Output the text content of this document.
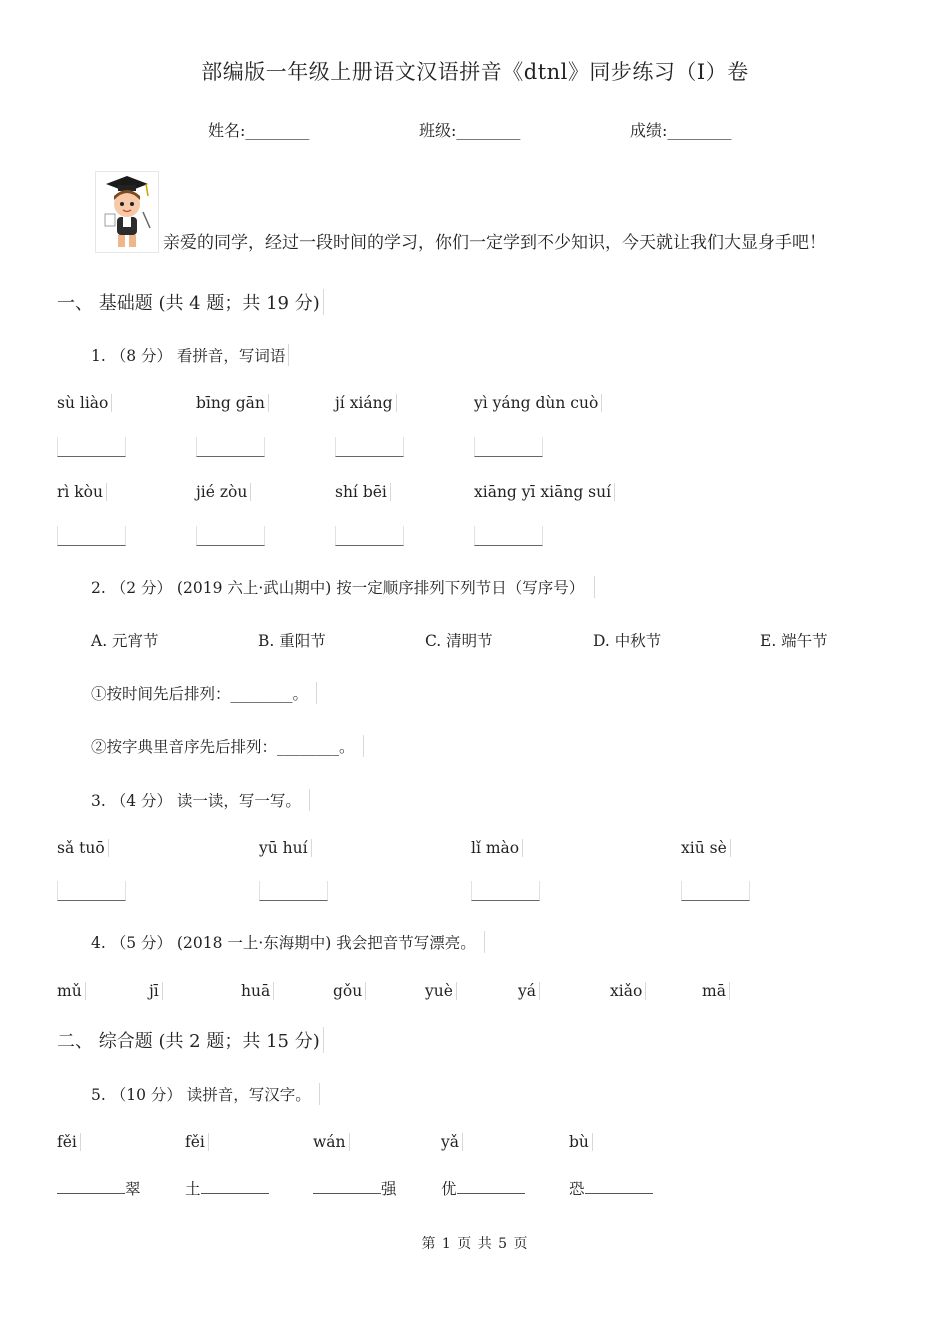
部编版一年级上册语文汉语拼音《dtnl》同步练习（I）卷
姓名:________	班级:________	成绩:________
亲爱的同学，经过一段时间的学习，你们一定学到不少知识，今天就让我们大显身手吧！
一、 基础题 (共 4 题；共 19 分)
1. （8 分） 看拼音，写词语
sù liào	bīng gān	jí xiáng	yì yáng dùn cuò
rì kòu	jié zòu	shí bēi	xiāng yī xiāng suí
2. （2 分） (2019 六上·武山期中) 按一定顺序排列下列节日（写序号）
A. 元宵节	B. 重阳节	C. 清明节	D. 中秋节	E. 端午节
①按时间先后排列：________。
②按字典里音序先后排列：________。
3. （4 分） 读一读，写一写。
sǎ tuō	yū huí	lǐ mào	xiū sè
4. （5 分） (2018 一上·东海期中) 我会把音节写漂亮。
mǔ	jī	huā	gǒu	yuè	yá	xiǎo	mā
二、 综合题 (共 2 题；共 15 分)
5. （10 分） 读拼音，写汉字。
fěi	fěi	wán	yǎ	bù
翠	土	强	优	恐
第 1 页 共 5 页
